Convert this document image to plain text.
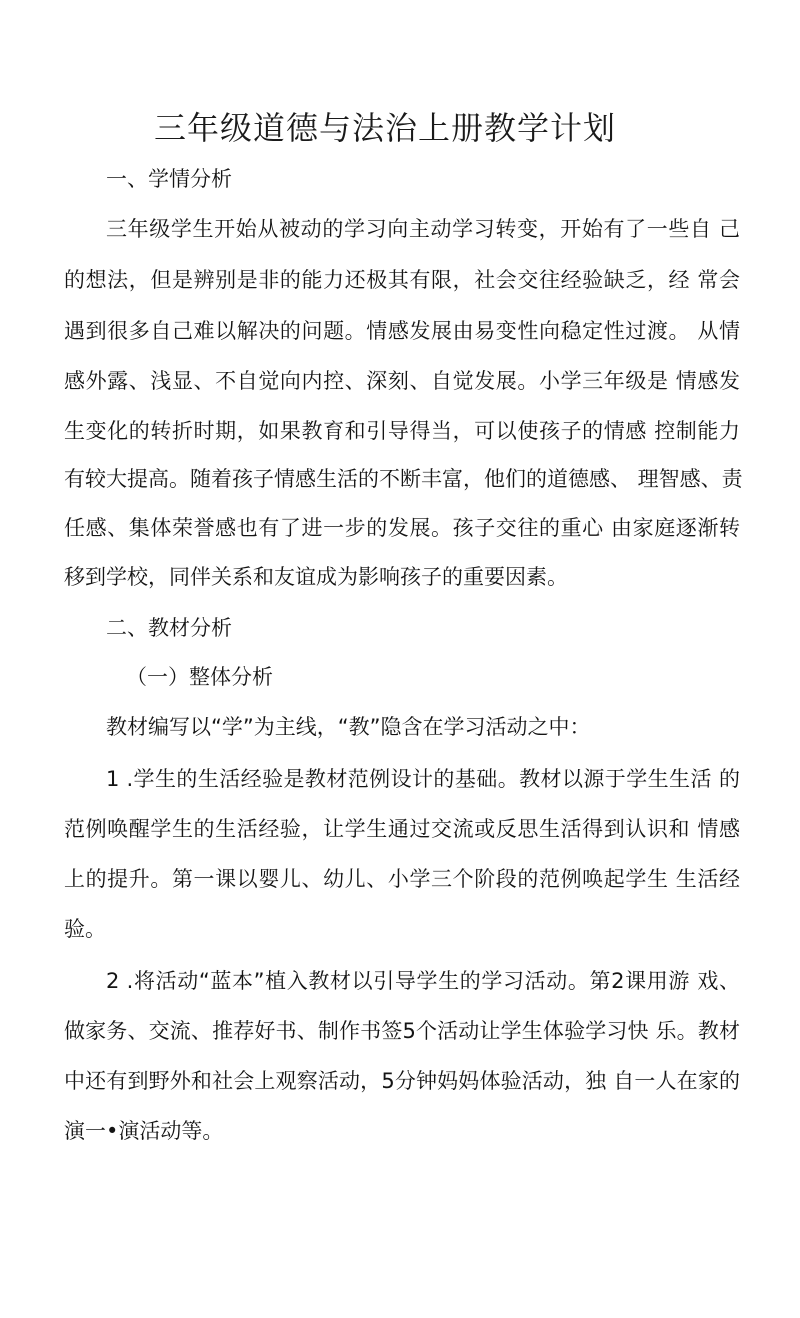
三年级道德与法治上册教学计划
一、学情分析
三年级学生开始从被动的学习向主动学习转变，开始有了一些自 己
的想法，但是辨别是非的能力还极其有限，社会交往经验缺乏，经 常会
遇到很多自己难以解决的问题。情感发展由易变性向稳定性过渡。 从情
感外露、浅显、不自觉向内控、深刻、自觉发展。小学三年级是 情感发
生变化的转折时期，如果教育和引导得当，可以使孩子的情感 控制能力
有较大提高。随着孩子情感生活的不断丰富，他们的道德感、 理智感、责
任感、集体荣誉感也有了进一步的发展。孩子交往的重心 由家庭逐渐转
移到学校，同伴关系和友谊成为影响孩子的重要因素。
二、教材分析
（一）整体分析
教材编写以“学”为主线，“教”隐含在学习活动之中：
1 .学生的生活经验是教材范例设计的基础。教材以源于学生生活 的
范例唤醒学生的生活经验，让学生通过交流或反思生活得到认识和 情感
上的提升。第一课以婴儿、幼儿、小学三个阶段的范例唤起学生 生活经
验。
2 .将活动“蓝本”植入教材以引导学生的学习活动。第2课用游 戏、
做家务、交流、推荐好书、制作书签5个活动让学生体验学习快 乐。教材
中还有到野外和社会上观察活动，5分钟妈妈体验活动，独 自一人在家的
演一•演活动等。
